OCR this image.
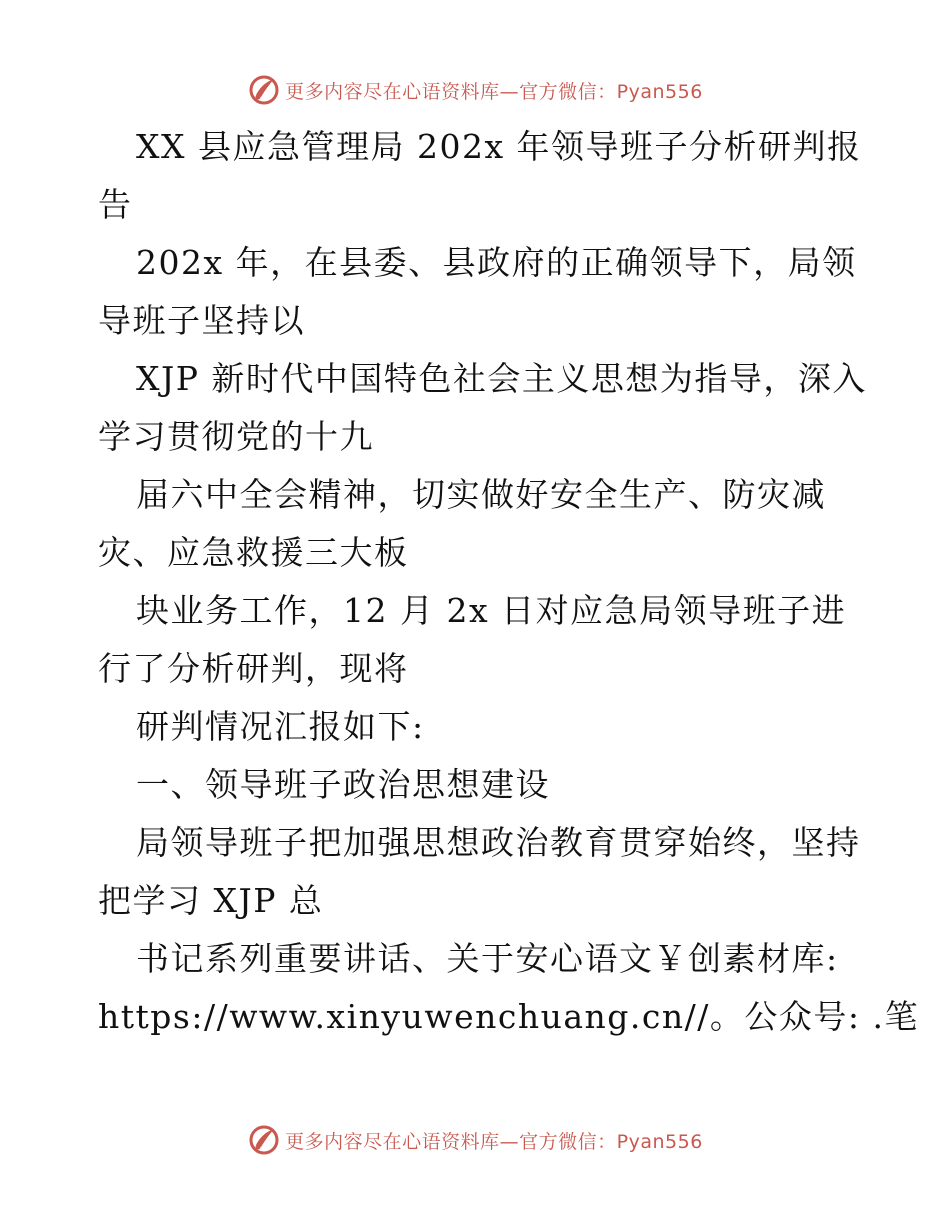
更多内容尽在心语资料库—官方微信：Pyan556
XX 县应急管理局 202x 年领导班子分析研判报
告
202x 年，在县委、县政府的正确领导下，局领
导班子坚持以
XJP 新时代中国特色社会主义思想为指导，深入
学习贯彻党的十九
届六中全会精神，切实做好安全生产、防灾减
灾、应急救援三大板
块业务工作，12 月 2x 日对应急局领导班子进
行了分析研判，现将
研判情况汇报如下:
一、领导班子政治思想建设
局领导班子把加强思想政治教育贯穿始终，坚持
把学习 XJP 总
书记系列重要讲话、关于安心语文￥创素材库:
https://www.xinyuwenchuang.cn//。公众号: .笔
更多内容尽在心语资料库—官方微信：Pyan556
